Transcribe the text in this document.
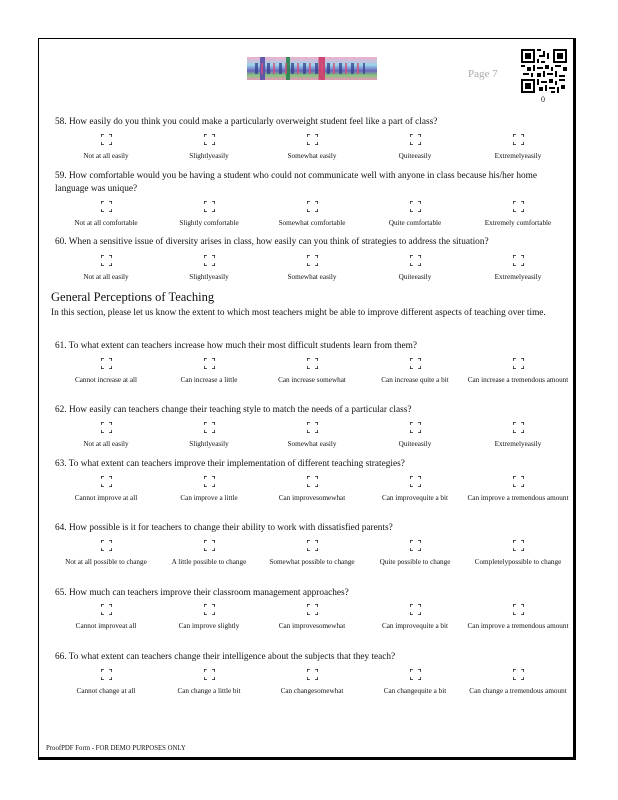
Page 7
0
58. How easily do you think you could make a particularly overweight student feel like a part of class?
Not at all easily	Slightlyeasily	Somewhat easily	Quiteeasily	Extremelyeasily
59. How comfortable would you be having a student who could not communicate well with anyone in class because his/her home language was unique?
Not at all comfortable	Slightly comfortable	Somewhat comfortable	Quite comfortable	Extremely comfortable
60. When a sensitive issue of diversity arises in class, how easily can you think of strategies to address the situation?
Not at all easily	Slightlyeasily	Somewhat easily	Quiteeasily	Extremelyeasily
General Perceptions of Teaching
In this section, please let us know the extent to which most teachers might be able to improve different aspects of teaching over time.
61. To what extent can teachers increase how much their most difficult students learn from them?
Cannot increase at all	Can increase a little	Can increase somewhat	Can increase quite a bit	Can increase a tremendous amount
62. How easily can teachers change their teaching style to match the needs of a particular class?
Not at all easily	Slightlyeasily	Somewhat easily	Quiteeasily	Extremelyeasily
63. To what extent can teachers improve their implementation of different teaching strategies?
Cannot improve at all	Can improve a little	Can improvesomewhat	Can improvequite a bit	Can improve a tremendous amount
64. How possible is it for teachers to change their ability to work with dissatisfied parents?
Not at all possible to change	A little possible to change	Somewhat possible to change	Quite possible to change	Completelypossible to change
65. How much can teachers improve their classroom management approaches?
Cannot improveat all	Can improve slightly	Can improvesomewhat	Can improvequite a bit	Can improve a tremendous amount
66. To what extent can teachers change their intelligence about the subjects that they teach?
Cannot change at all	Can change a little bit	Can changesomewhat	Can changequite a bit	Can change a tremendous amount
ProofPDF Form - FOR DEMO PURPOSES ONLY
